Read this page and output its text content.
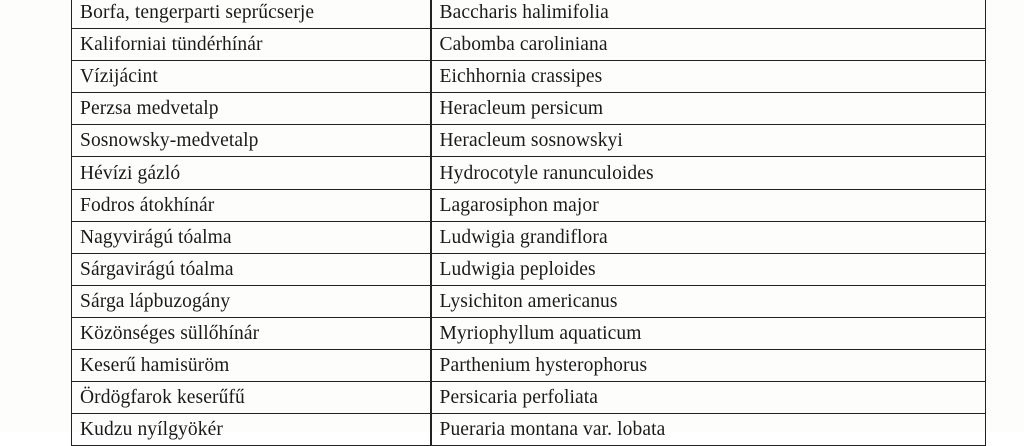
Borfa, tengerparti seprűcserje	Baccharis halimifolia
Kaliforniai tündérhínár	Cabomba caroliniana
Vízijácint	Eichhornia crassipes
Perzsa medvetalp	Heracleum persicum
Sosnowsky-medvetalp	Heracleum sosnowskyi
Hévízi gázló	Hydrocotyle ranunculoides
Fodros átokhínár	Lagarosiphon major
Nagyvirágú tóalma	Ludwigia grandiflora
Sárgavirágú tóalma	Ludwigia peploides
Sárga lápbuzogány	Lysichiton americanus
Közönséges süllőhínár	Myriophyllum aquaticum
Keserű hamisüröm	Parthenium hysterophorus
Ördögfarok keserűfű	Persicaria perfoliata
Kudzu nyílgyökér	Pueraria montana var. lobata
